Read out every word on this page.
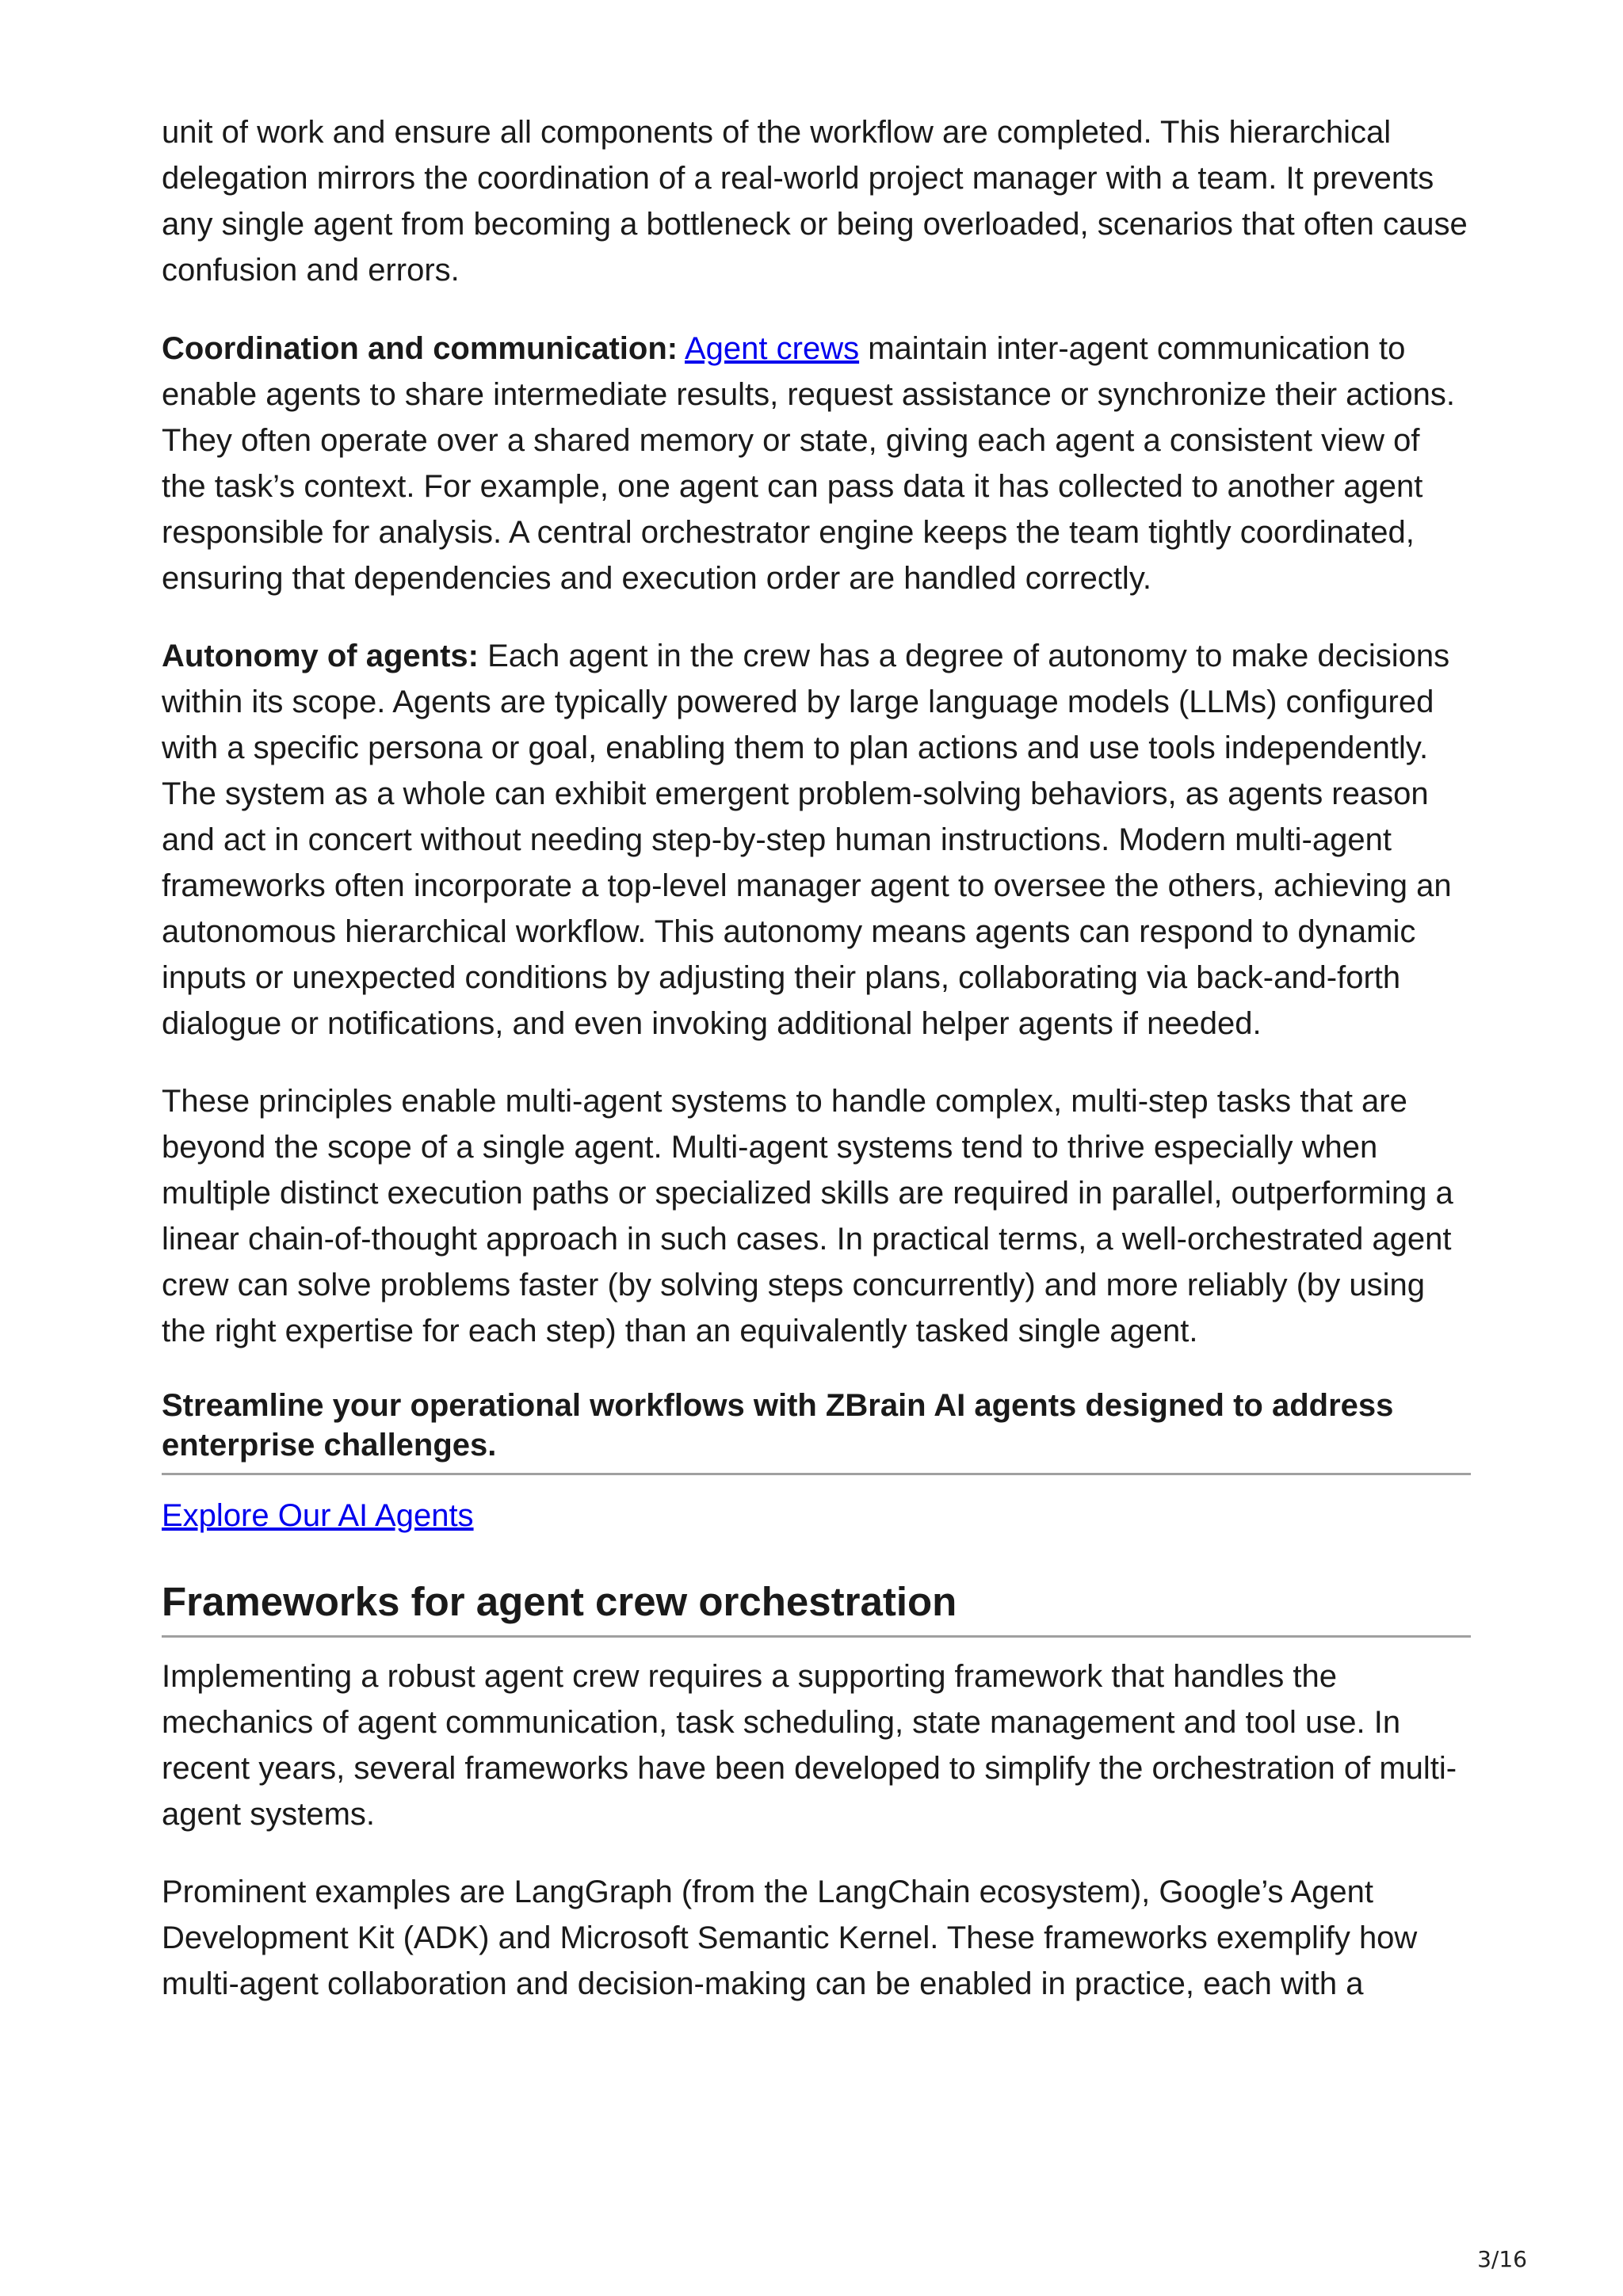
unit of work and ensure all components of the workflow are completed. This hierarchical delegation mirrors the coordination of a real-world project manager with a team. It prevents any single agent from becoming a bottleneck or being overloaded, scenarios that often cause confusion and errors.

Coordination and communication: Agent crews maintain inter-agent communication to enable agents to share intermediate results, request assistance or synchronize their actions. They often operate over a shared memory or state, giving each agent a consistent view of the task’s context. For example, one agent can pass data it has collected to another agent responsible for analysis. A central orchestrator engine keeps the team tightly coordinated, ensuring that dependencies and execution order are handled correctly.

Autonomy of agents: Each agent in the crew has a degree of autonomy to make decisions within its scope. Agents are typically powered by large language models (LLMs) configured with a specific persona or goal, enabling them to plan actions and use tools independently. The system as a whole can exhibit emergent problem-solving behaviors, as agents reason and act in concert without needing step-by-step human instructions. Modern multi-agent frameworks often incorporate a top-level manager agent to oversee the others, achieving an autonomous hierarchical workflow. This autonomy means agents can respond to dynamic inputs or unexpected conditions by adjusting their plans, collaborating via back-and-forth dialogue or notifications, and even invoking additional helper agents if needed.

These principles enable multi-agent systems to handle complex, multi-step tasks that are beyond the scope of a single agent. Multi-agent systems tend to thrive especially when multiple distinct execution paths or specialized skills are required in parallel, outperforming a linear chain-of-thought approach in such cases. In practical terms, a well-orchestrated agent crew can solve problems faster (by solving steps concurrently) and more reliably (by using the right expertise for each step) than an equivalently tasked single agent.

Streamline your operational workflows with ZBrain AI agents designed to address enterprise challenges.
Explore Our AI Agents
Frameworks for agent crew orchestration

Implementing a robust agent crew requires a supporting framework that handles the mechanics of agent communication, task scheduling, state management and tool use. In recent years, several frameworks have been developed to simplify the orchestration of multi-agent systems.

Prominent examples are LangGraph (from the LangChain ecosystem), Google’s Agent Development Kit (ADK) and Microsoft Semantic Kernel. These frameworks exemplify how multi-agent collaboration and decision-making can be enabled in practice, each with a

3/16
